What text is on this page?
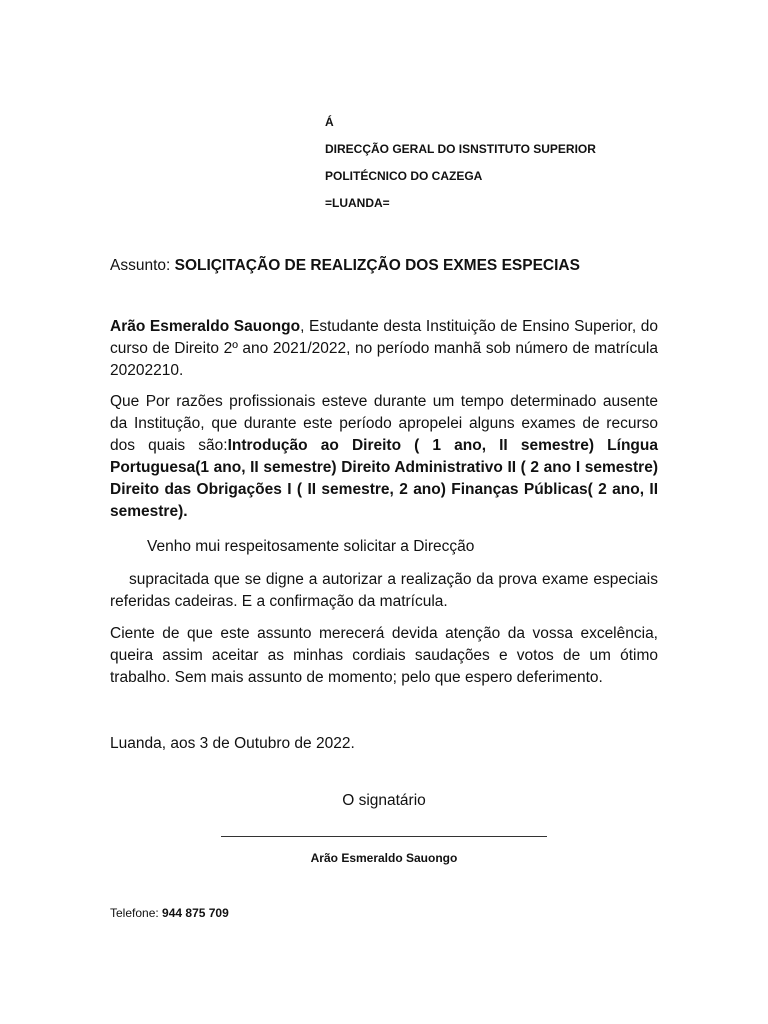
Á
DIRECÇÃO GERAL DO ISNSTITUTO SUPERIOR
POLITÉCNICO DO CAZEGA
=LUANDA=
Assunto: SOLIÇITAÇÃO DE REALIZÇÃO DOS EXMES ESPECIAS
Arão Esmeraldo Sauongo, Estudante desta Instituição de Ensino Superior, do curso de Direito 2º ano 2021/2022, no período manhã sob número de matrícula 20202210.
Que Por razões profissionais esteve durante um tempo determinado ausente da Institução, que durante este período apropelei alguns exames de recurso dos quais são:Introdução ao Direito ( 1 ano, II semestre) Língua Portuguesa(1 ano, II semestre) Direito Administrativo II ( 2 ano I semestre) Direito das Obrigações I ( II semestre, 2 ano) Finanças Públicas( 2 ano, II semestre).
Venho mui respeitosamente solicitar a Direcção
supracitada que se digne a autorizar a realização da prova exame especiais referidas cadeiras. E a confirmação da matrícula.
Ciente de que este assunto merecerá devida atenção da vossa excelência, queira assim aceitar as minhas cordiais saudações e votos de um ótimo trabalho. Sem mais assunto de momento; pelo que espero deferimento.
Luanda, aos 3 de Outubro de 2022.
O signatário
Arão Esmeraldo Sauongo
Telefone: 944 875 709
